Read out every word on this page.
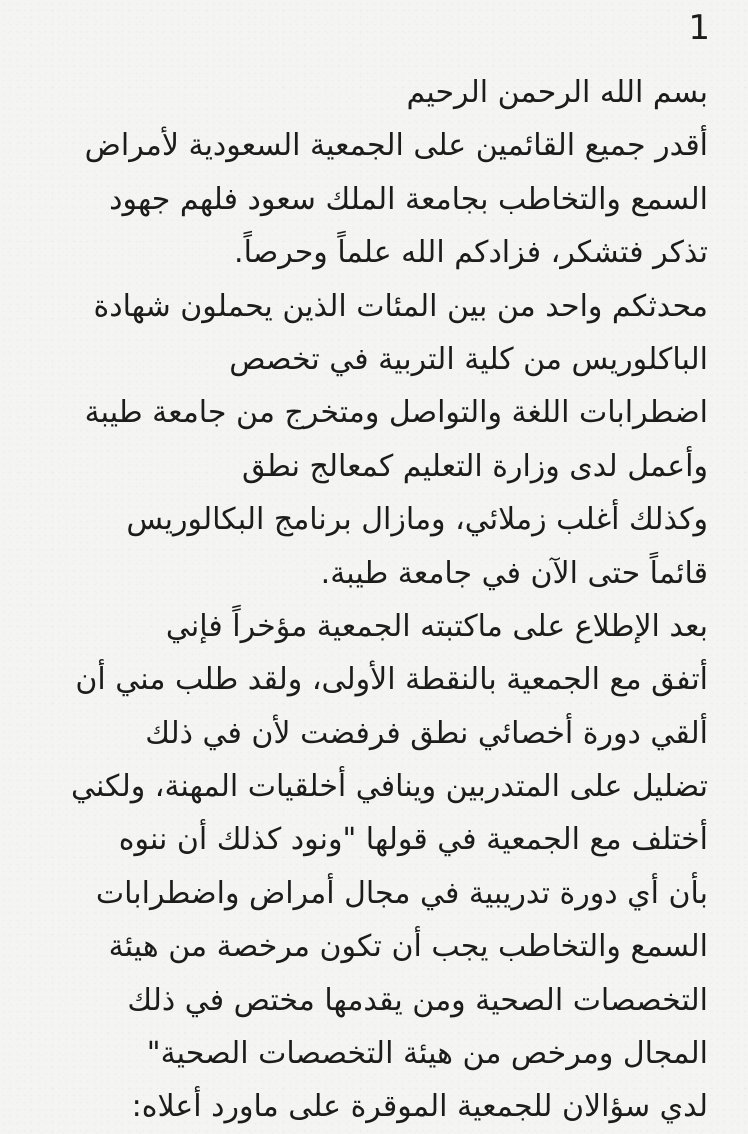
1
بسم الله الرحمن الرحيم
أقدر جميع القائمين على الجمعية السعودية لأمراض
السمع والتخاطب بجامعة الملك سعود فلهم جهود
تذكر فتشكر، فزادكم الله علماً وحرصاً.
محدثكم واحد من بين المئات الذين يحملون شهادة
الباكلوريس من كلية التربية في تخصص
اضطرابات اللغة والتواصل ومتخرج من جامعة طيبة
وأعمل لدى وزارة التعليم كمعالج نطق
وكذلك أغلب زملائي، ومازال برنامج البكالوريس
قائماً حتى الآن في جامعة طيبة.
بعد الإطلاع على ماكتبته الجمعية مؤخراً فإني
أتفق مع الجمعية بالنقطة الأولى، ولقد طلب مني أن
ألقي دورة أخصائي نطق فرفضت لأن في ذلك
تضليل على المتدربين وينافي أخلقيات المهنة، ولكني
أختلف مع الجمعية في قولها "ونود كذلك أن ننوه
بأن أي دورة تدريبية في مجال أمراض واضطرابات
السمع والتخاطب يجب أن تكون مرخصة من هيئة
التخصصات الصحية ومن يقدمها مختص في ذلك
المجال ومرخص من هيئة التخصصات الصحية"
لدي سؤالان للجمعية الموقرة على ماورد أعلاه:
